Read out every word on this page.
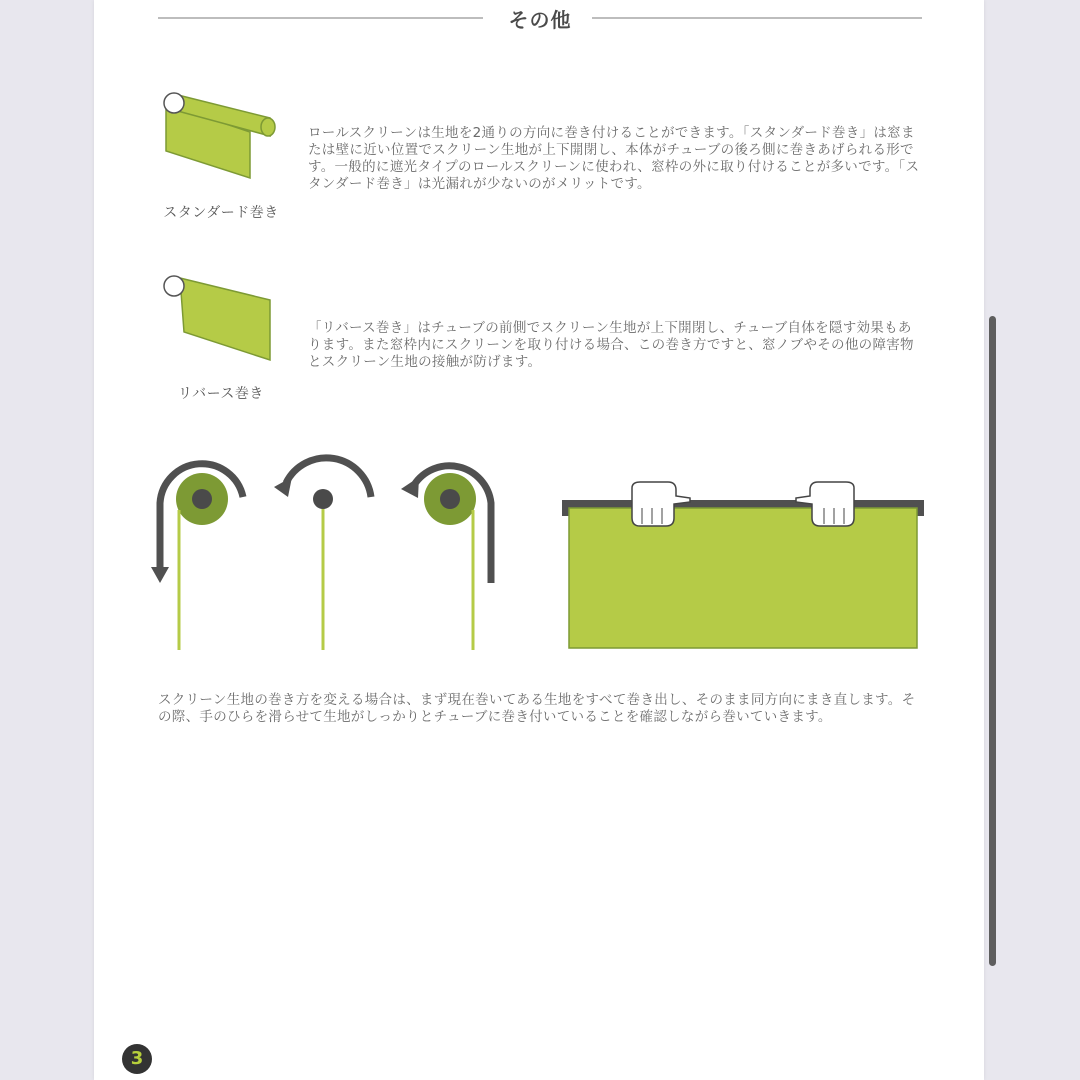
その他
スタンダード巻き
ロールスクリーンは生地を2通りの方向に巻き付けることができます。「スタンダード巻き」は窓または壁に近い位置でスクリーン生地が上下開閉し、本体がチューブの後ろ側に巻きあげられる形です。一般的に遮光タイプのロールスクリーンに使われ、窓枠の外に取り付けることが多いです。「スタンダード巻き」は光漏れが少ないのがメリットです。
リバース巻き
「リバース巻き」はチューブの前側でスクリーン生地が上下開閉し、チューブ自体を隠す効果もあります。また窓枠内にスクリーンを取り付ける場合、この巻き方ですと、窓ノブやその他の障害物とスクリーン生地の接触が防げます。
スクリーン生地の巻き方を変える場合は、まず現在巻いてある生地をすべて巻き出し、そのまま同方向にまき直します。その際、手のひらを滑らせて生地がしっかりとチューブに巻き付いていることを確認しながら巻いていきます。
3
